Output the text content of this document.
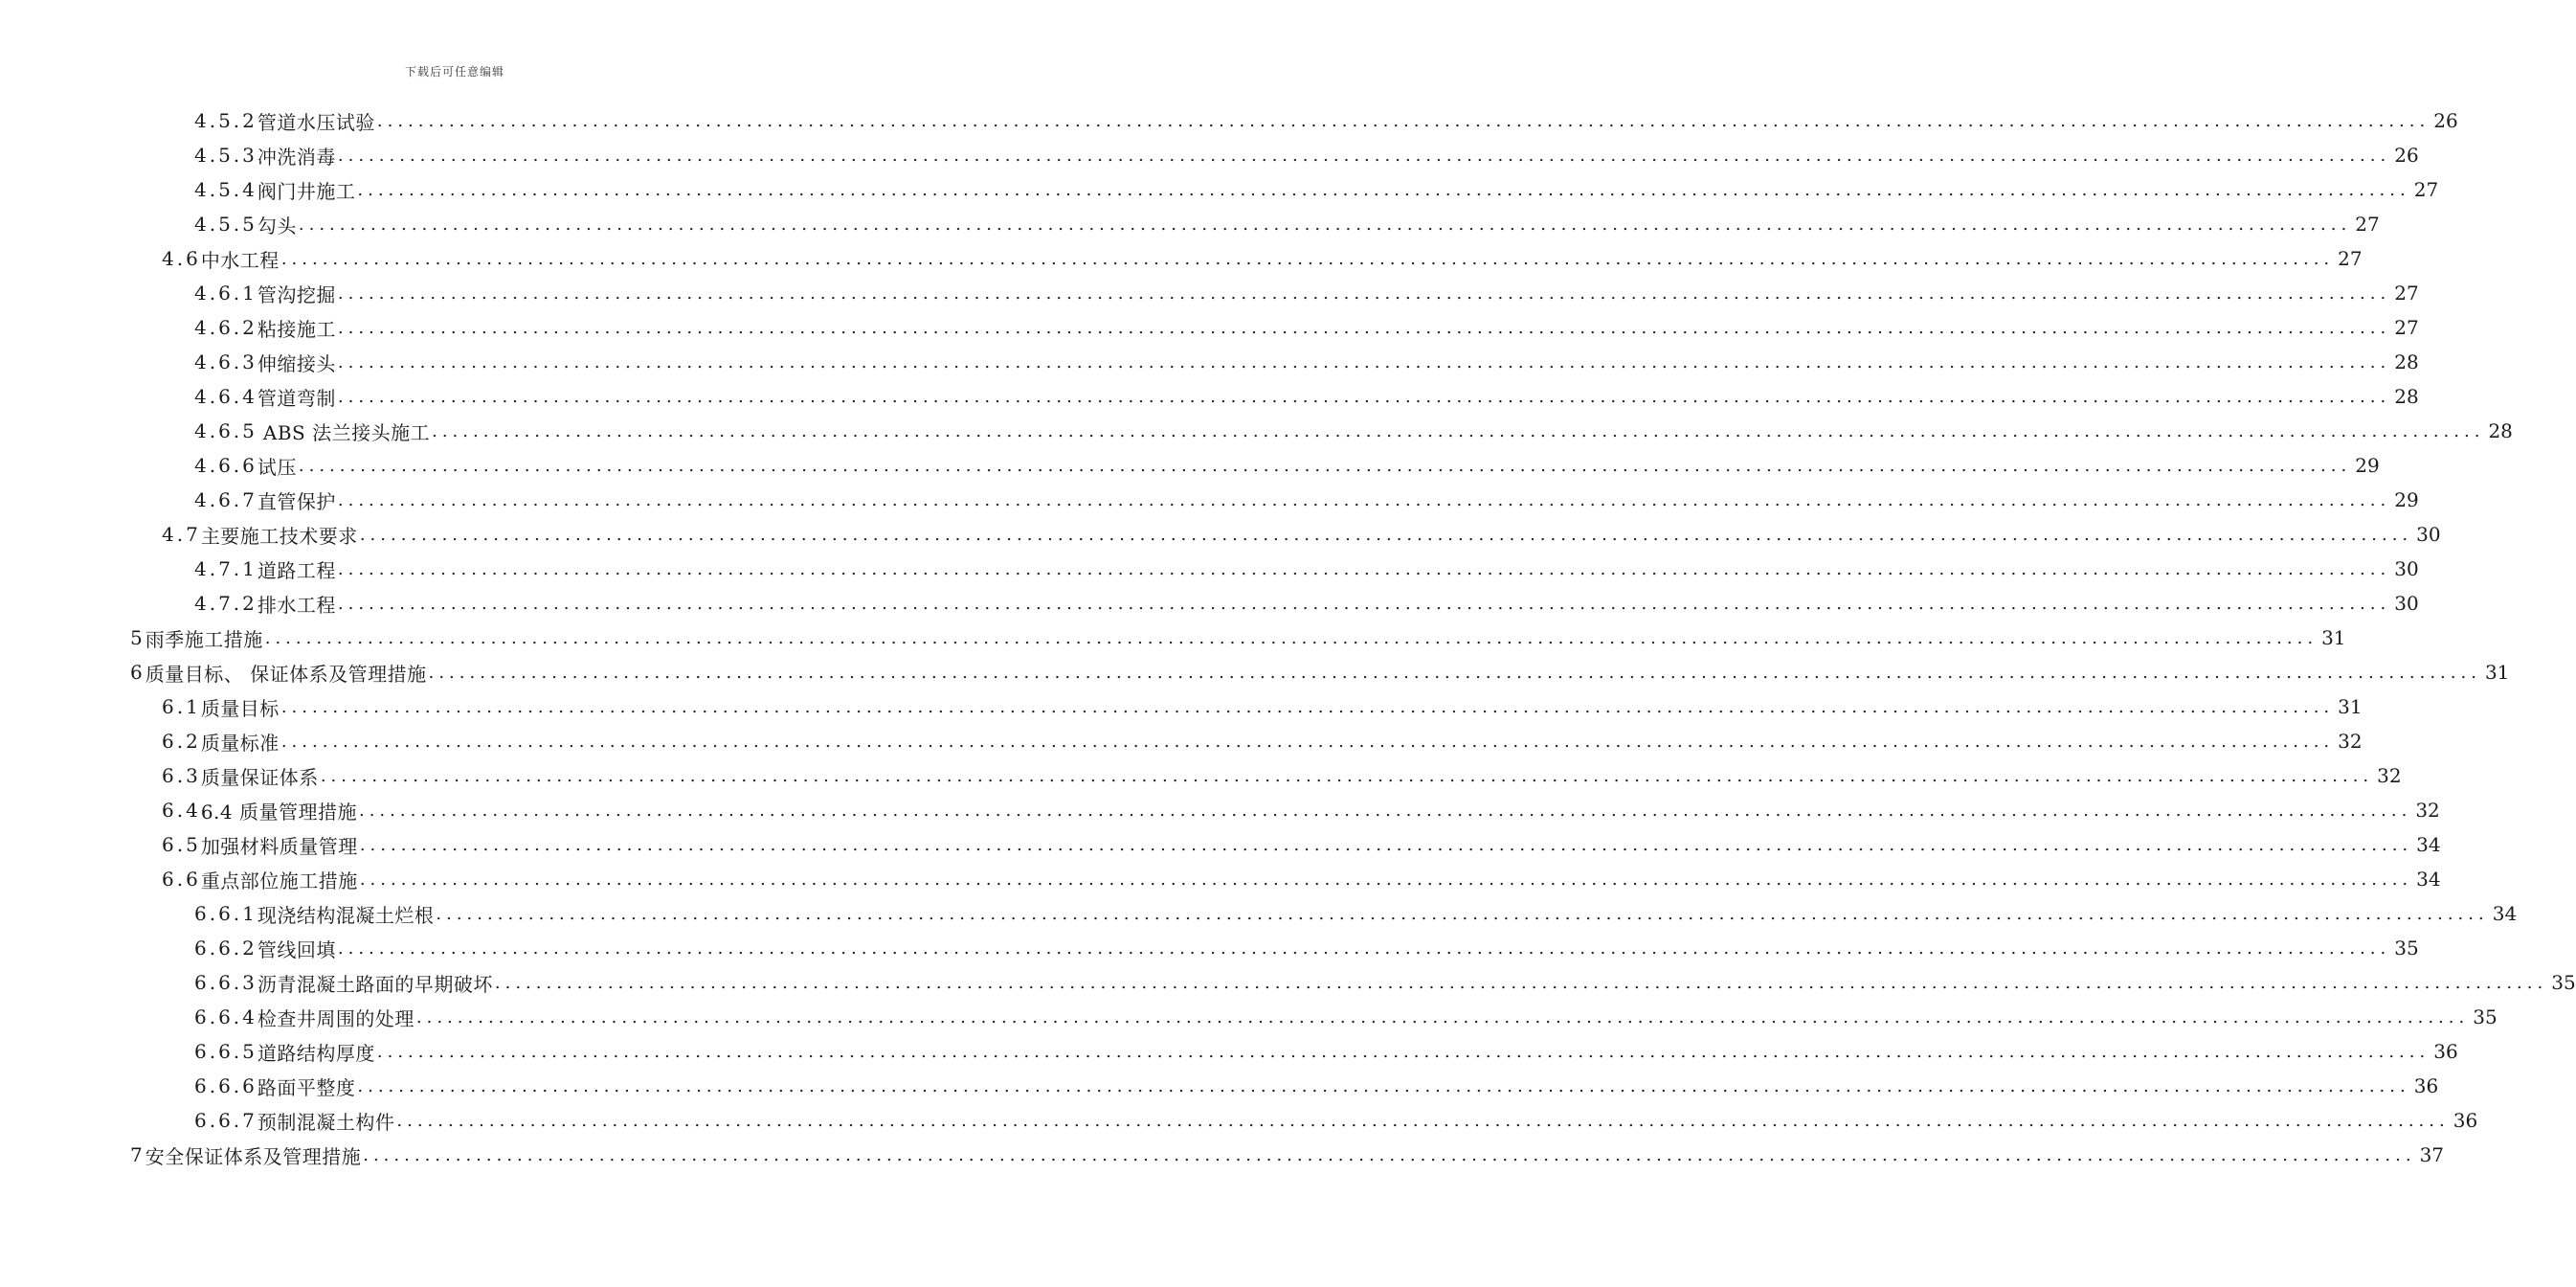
下载后可任意编辑
4.5.2 管道水压试验 ........................................................................................................................................................................................................ 26
4.5.3 冲洗消毒 ........................................................................................................................................................................................................ 26
4.5.4 阀门井施工 ........................................................................................................................................................................................................ 27
4.5.5 勾头 ........................................................................................................................................................................................................ 27
4.6 中水工程 ........................................................................................................................................................................................................ 27
4.6.1 管沟挖掘 ........................................................................................................................................................................................................ 27
4.6.2 粘接施工 ........................................................................................................................................................................................................ 27
4.6.3 伸缩接头 ........................................................................................................................................................................................................ 28
4.6.4 管道弯制 ........................................................................................................................................................................................................ 28
4.6.5 ABS 法兰接头施工 ........................................................................................................................................................................................................ 28
4.6.6 试压 ........................................................................................................................................................................................................ 29
4.6.7 直管保护 ........................................................................................................................................................................................................ 29
4.7 主要施工技术要求 ........................................................................................................................................................................................................ 30
4.7.1 道路工程 ........................................................................................................................................................................................................ 30
4.7.2 排水工程 ........................................................................................................................................................................................................ 30
5 雨季施工措施 ........................................................................................................................................................................................................ 31
6 质量目标、 保证体系及管理措施 ........................................................................................................................................................................................................ 31
6.1 质量目标 ........................................................................................................................................................................................................ 31
6.2 质量标准 ........................................................................................................................................................................................................ 32
6.3 质量保证体系 ........................................................................................................................................................................................................ 32
6.4 6.4 质量管理措施 ........................................................................................................................................................................................................ 32
6.5 加强材料质量管理 ........................................................................................................................................................................................................ 34
6.6 重点部位施工措施 ........................................................................................................................................................................................................ 34
6.6.1 现浇结构混凝土烂根 ........................................................................................................................................................................................................ 34
6.6.2 管线回填 ........................................................................................................................................................................................................ 35
6.6.3 沥青混凝土路面的早期破坏 ........................................................................................................................................................................................................ 35
6.6.4 检查井周围的处理 ........................................................................................................................................................................................................ 35
6.6.5 道路结构厚度 ........................................................................................................................................................................................................ 36
6.6.6 路面平整度 ........................................................................................................................................................................................................ 36
6.6.7 预制混凝土构件 ........................................................................................................................................................................................................ 36
7 安全保证体系及管理措施 ........................................................................................................................................................................................................ 37
